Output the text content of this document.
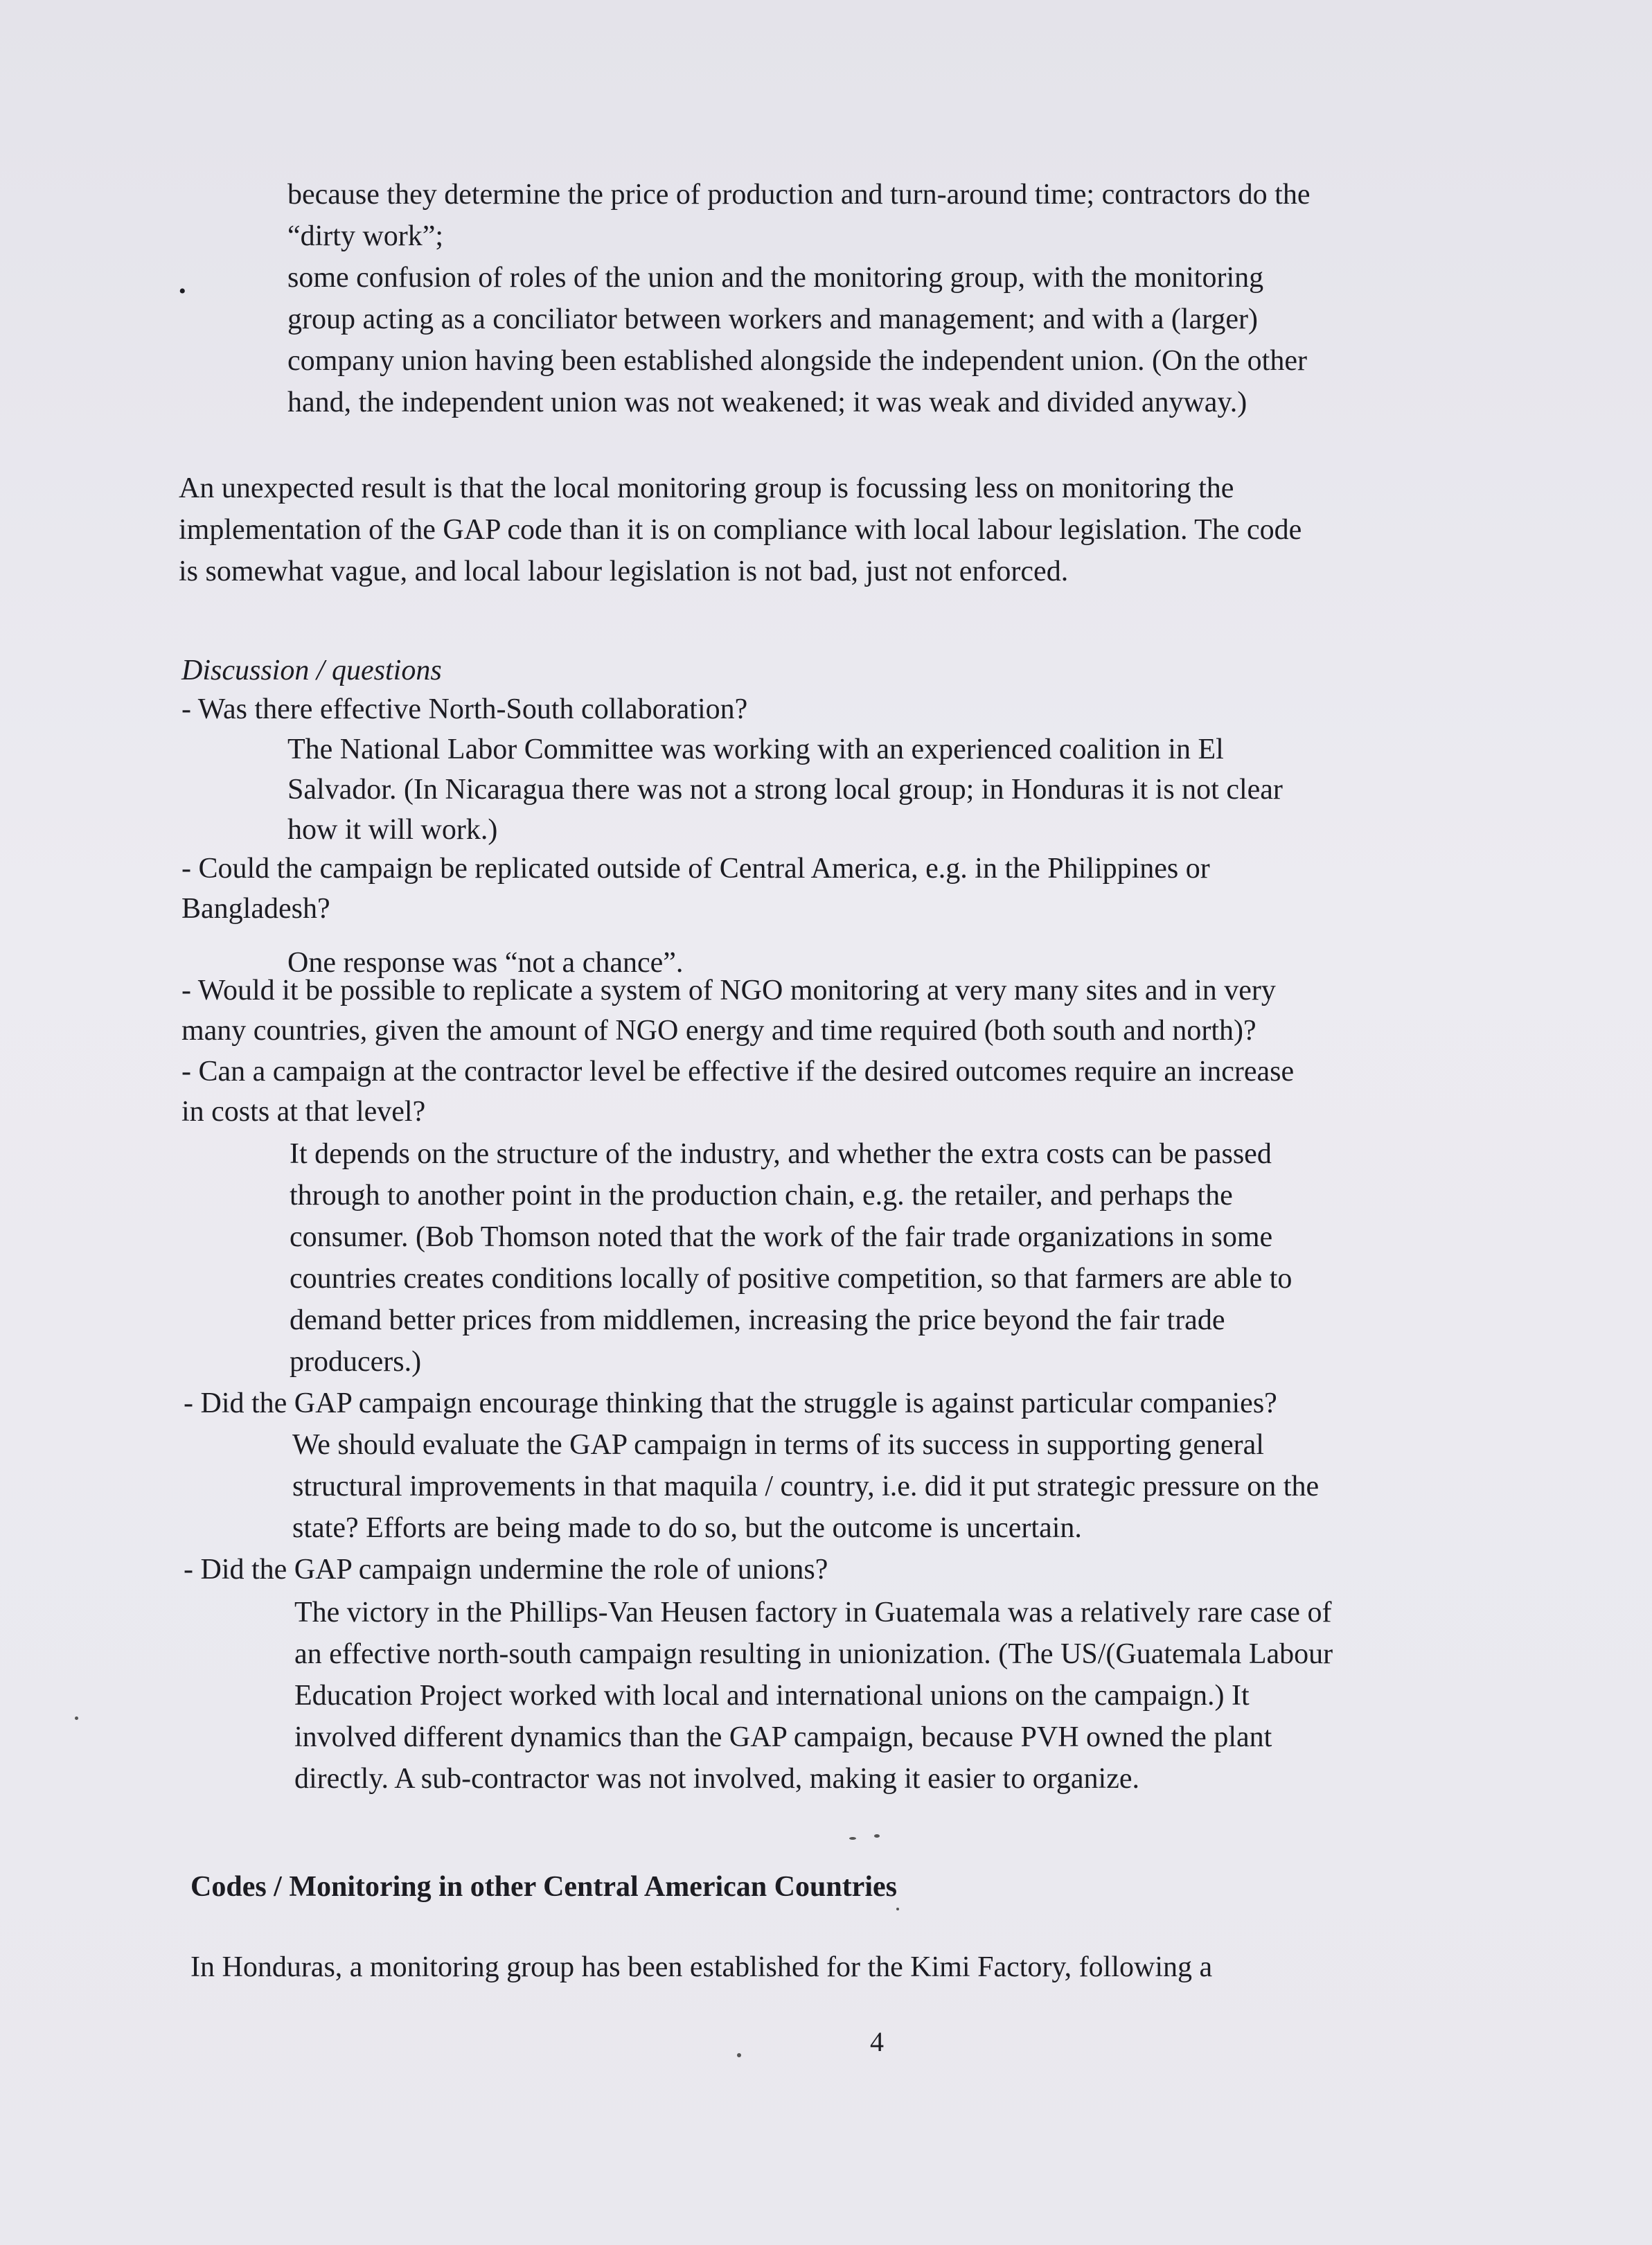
because they determine the price of production and turn-around time; contractors do the
“dirty work”;
•	some confusion of roles of the union and the monitoring group, with the monitoring
group acting as a conciliator between workers and management; and with a (larger)
company union having been established alongside the independent union. (On the other
hand, the independent union was not weakened; it was weak and divided anyway.)
An unexpected result is that the local monitoring group is focussing less on monitoring the
implementation of the GAP code than it is on compliance with local labour legislation. The code
is somewhat vague, and local labour legislation is not bad, just not enforced.
Discussion / questions
- Was there effective North-South collaboration?
The National Labor Committee was working with an experienced coalition in El
Salvador. (In Nicaragua there was not a strong local group; in Honduras it is not clear
how it will work.)
- Could the campaign be replicated outside of Central America, e.g. in the Philippines or
Bangladesh?
One response was “not a chance”.
- Would it be possible to replicate a system of NGO monitoring at very many sites and in very
many countries, given the amount of NGO energy and time required (both south and north)?
- Can a campaign at the contractor level be effective if the desired outcomes require an increase
in costs at that level?
It depends on the structure of the industry, and whether the extra costs can be passed
through to another point in the production chain, e.g. the retailer, and perhaps the
consumer. (Bob Thomson noted that the work of the fair trade organizations in some
countries creates conditions locally of positive competition, so that farmers are able to
demand better prices from middlemen, increasing the price beyond the fair trade
producers.)
- Did the GAP campaign encourage thinking that the struggle is against particular companies?
We should evaluate the GAP campaign in terms of its success in supporting general
structural improvements in that maquila / country, i.e. did it put strategic pressure on the
state? Efforts are being made to do so, but the outcome is uncertain.
- Did the GAP campaign undermine the role of unions?
The victory in the Phillips-Van Heusen factory in Guatemala was a relatively rare case of
an effective north-south campaign resulting in unionization. (The US/(Guatemala Labour
Education Project worked with local and international unions on the campaign.) It
involved different dynamics than the GAP campaign, because PVH owned the plant
directly. A sub-contractor was not involved, making it easier to organize.
Codes / Monitoring in other Central American Countries
In Honduras, a monitoring group has been established for the Kimi Factory, following a
4
